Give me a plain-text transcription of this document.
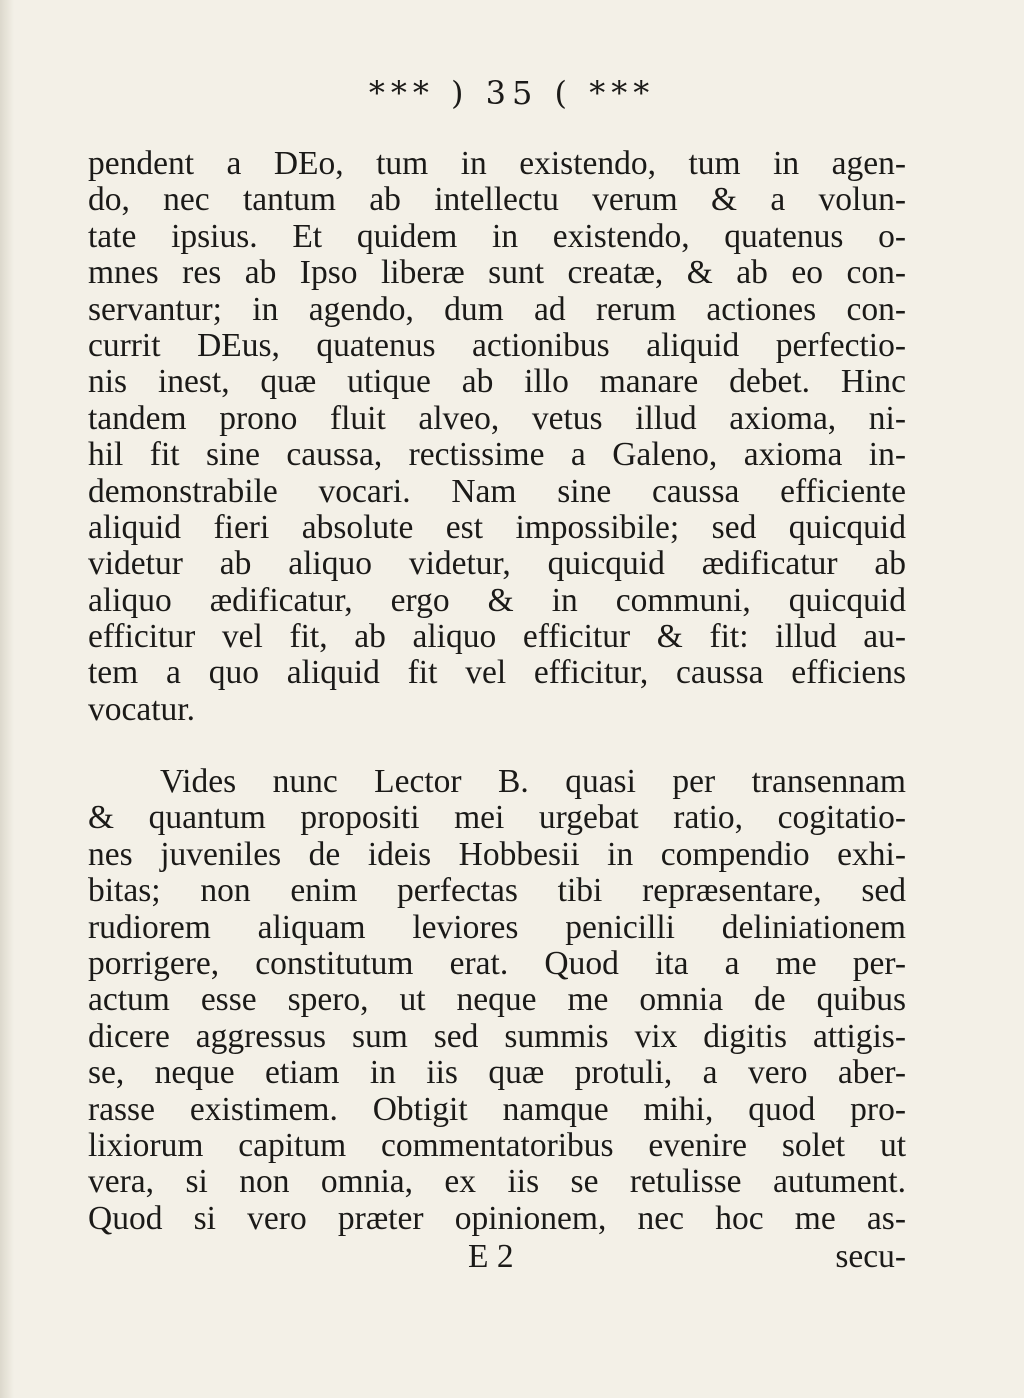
*** ) 35 ( ***
pendent a DEo, tum in existendo, tum in agen-
do, nec tantum ab intellectu verum & a volun-
tate ipsius. Et quidem in existendo, quatenus o-
mnes res ab Ipso liberæ sunt creatæ, & ab eo con-
servantur; in agendo, dum ad rerum actiones con-
currit DEus, quatenus actionibus aliquid perfectio-
nis inest, quæ utique ab illo manare debet. Hinc
tandem prono fluit alveo, vetus illud axioma, ni-
hil fit sine caussa, rectissime a Galeno, axioma in-
demonstrabile vocari. Nam sine caussa efficiente
aliquid fieri absolute est impossibile; sed quicquid
videtur ab aliquo videtur, quicquid ædificatur ab
aliquo ædificatur, ergo & in communi, quicquid
efficitur vel fit, ab aliquo efficitur & fit: illud au-
tem a quo aliquid fit vel efficitur, caussa efficiens
vocatur.
Vides nunc Lector B. quasi per transennam
& quantum propositi mei urgebat ratio, cogitatio-
nes juveniles de ideis Hobbesii in compendio exhi-
bitas; non enim perfectas tibi repræsentare, sed
rudiorem aliquam leviores penicilli deliniationem
porrigere, constitutum erat. Quod ita a me per-
actum esse spero, ut neque me omnia de quibus
dicere aggressus sum sed summis vix digitis attigis-
se, neque etiam in iis quæ protuli, a vero aber-
rasse existimem. Obtigit namque mihi, quod pro-
lixiorum capitum commentatoribus evenire solet ut
vera, si non omnia, ex iis se retulisse autument.
Quod si vero præter opinionem, nec hoc me as-
E 2	secu-
